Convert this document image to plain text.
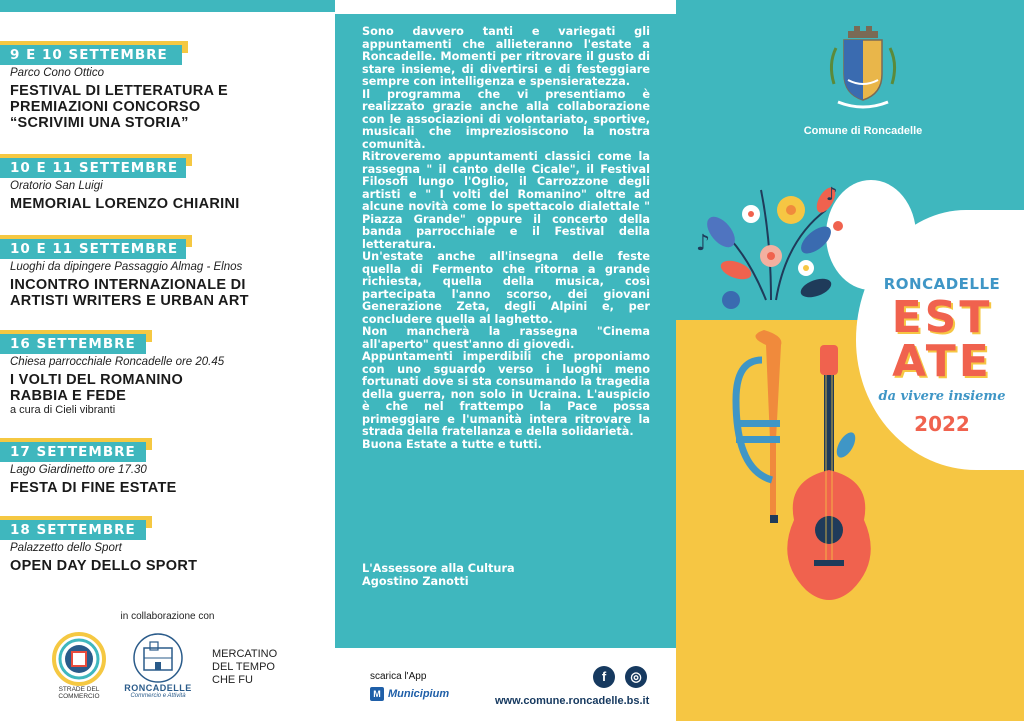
9 E 10 SETTEMBRE
Parco Cono Ottico
FESTIVAL DI LETTERATURA E
PREMIAZIONI CONCORSO
“SCRIVIMI UNA STORIA”
10 E 11 SETTEMBRE
Oratorio San Luigi
MEMORIAL LORENZO CHIARINI
10 E 11 SETTEMBRE
Luoghi da dipingere Passaggio Almag - Elnos
INCONTRO INTERNAZIONALE DI
ARTISTI WRITERS E URBAN ART
16 SETTEMBRE
Chiesa parrocchiale Roncadelle ore 20.45
I VOLTI DEL ROMANINO
RABBIA E FEDE
a cura di Cieli vibranti
17 SETTEMBRE
Lago Giardinetto ore 17.30
FESTA DI FINE ESTATE
18 SETTEMBRE
Palazzetto dello Sport
OPEN DAY DELLO SPORT
in collaborazione con
STRADE DEL
COMMERCIO
RONCADELLE
Commercio e Attività
MERCATINO
DEL TEMPO
CHE FU

Sono davvero tanti e variegati gli appuntamenti che allieteranno l'estate a Roncadelle. Momenti per ritrovare il gusto di stare insieme, di divertirsi e di festeggiare sempre con intelligenza e spensieratezza.

Il programma che vi presentiamo è realizzato grazie anche alla collaborazione con le associazioni di volontariato, sportive, musicali che impreziosiscono la nostra comunità.

Ritroveremo appuntamenti classici come la rassegna " il canto delle Cicale", il Festival Filosofi lungo l'Oglio, il Carrozzone degli artisti e " I volti del Romanino" oltre ad alcune novità come lo spettacolo dialettale " Piazza Grande" oppure il concerto della banda parrocchiale e il Festival della letteratura.

Un'estate anche all'insegna delle feste quella di Fermento che ritorna a grande richiesta, quella della musica, così partecipata l'anno scorso, dei giovani Generazione Zeta, degli Alpini e, per concludere quella al laghetto.

Non mancherà la rassegna "Cinema all'aperto" quest'anno di giovedì.

Appuntamenti imperdibili che proponiamo con uno sguardo verso i luoghi meno fortunati dove si sta consumando la tragedia della guerra, non solo in Ucraina. L'auspicio è che nel frattempo la Pace possa primeggiare e l'umanità intera ritrovare la strada della fratellanza e della solidarietà.

Buona Estate a tutte e tutti.

L'Assessore alla Cultura
Agostino Zanotti
scarica l'App
M Municipium
f	◎
www.comune.roncadelle.bs.it
Comune di Roncadelle
♪
♪
RONCADELLE
EST
ATE
da vivere insieme
2022
